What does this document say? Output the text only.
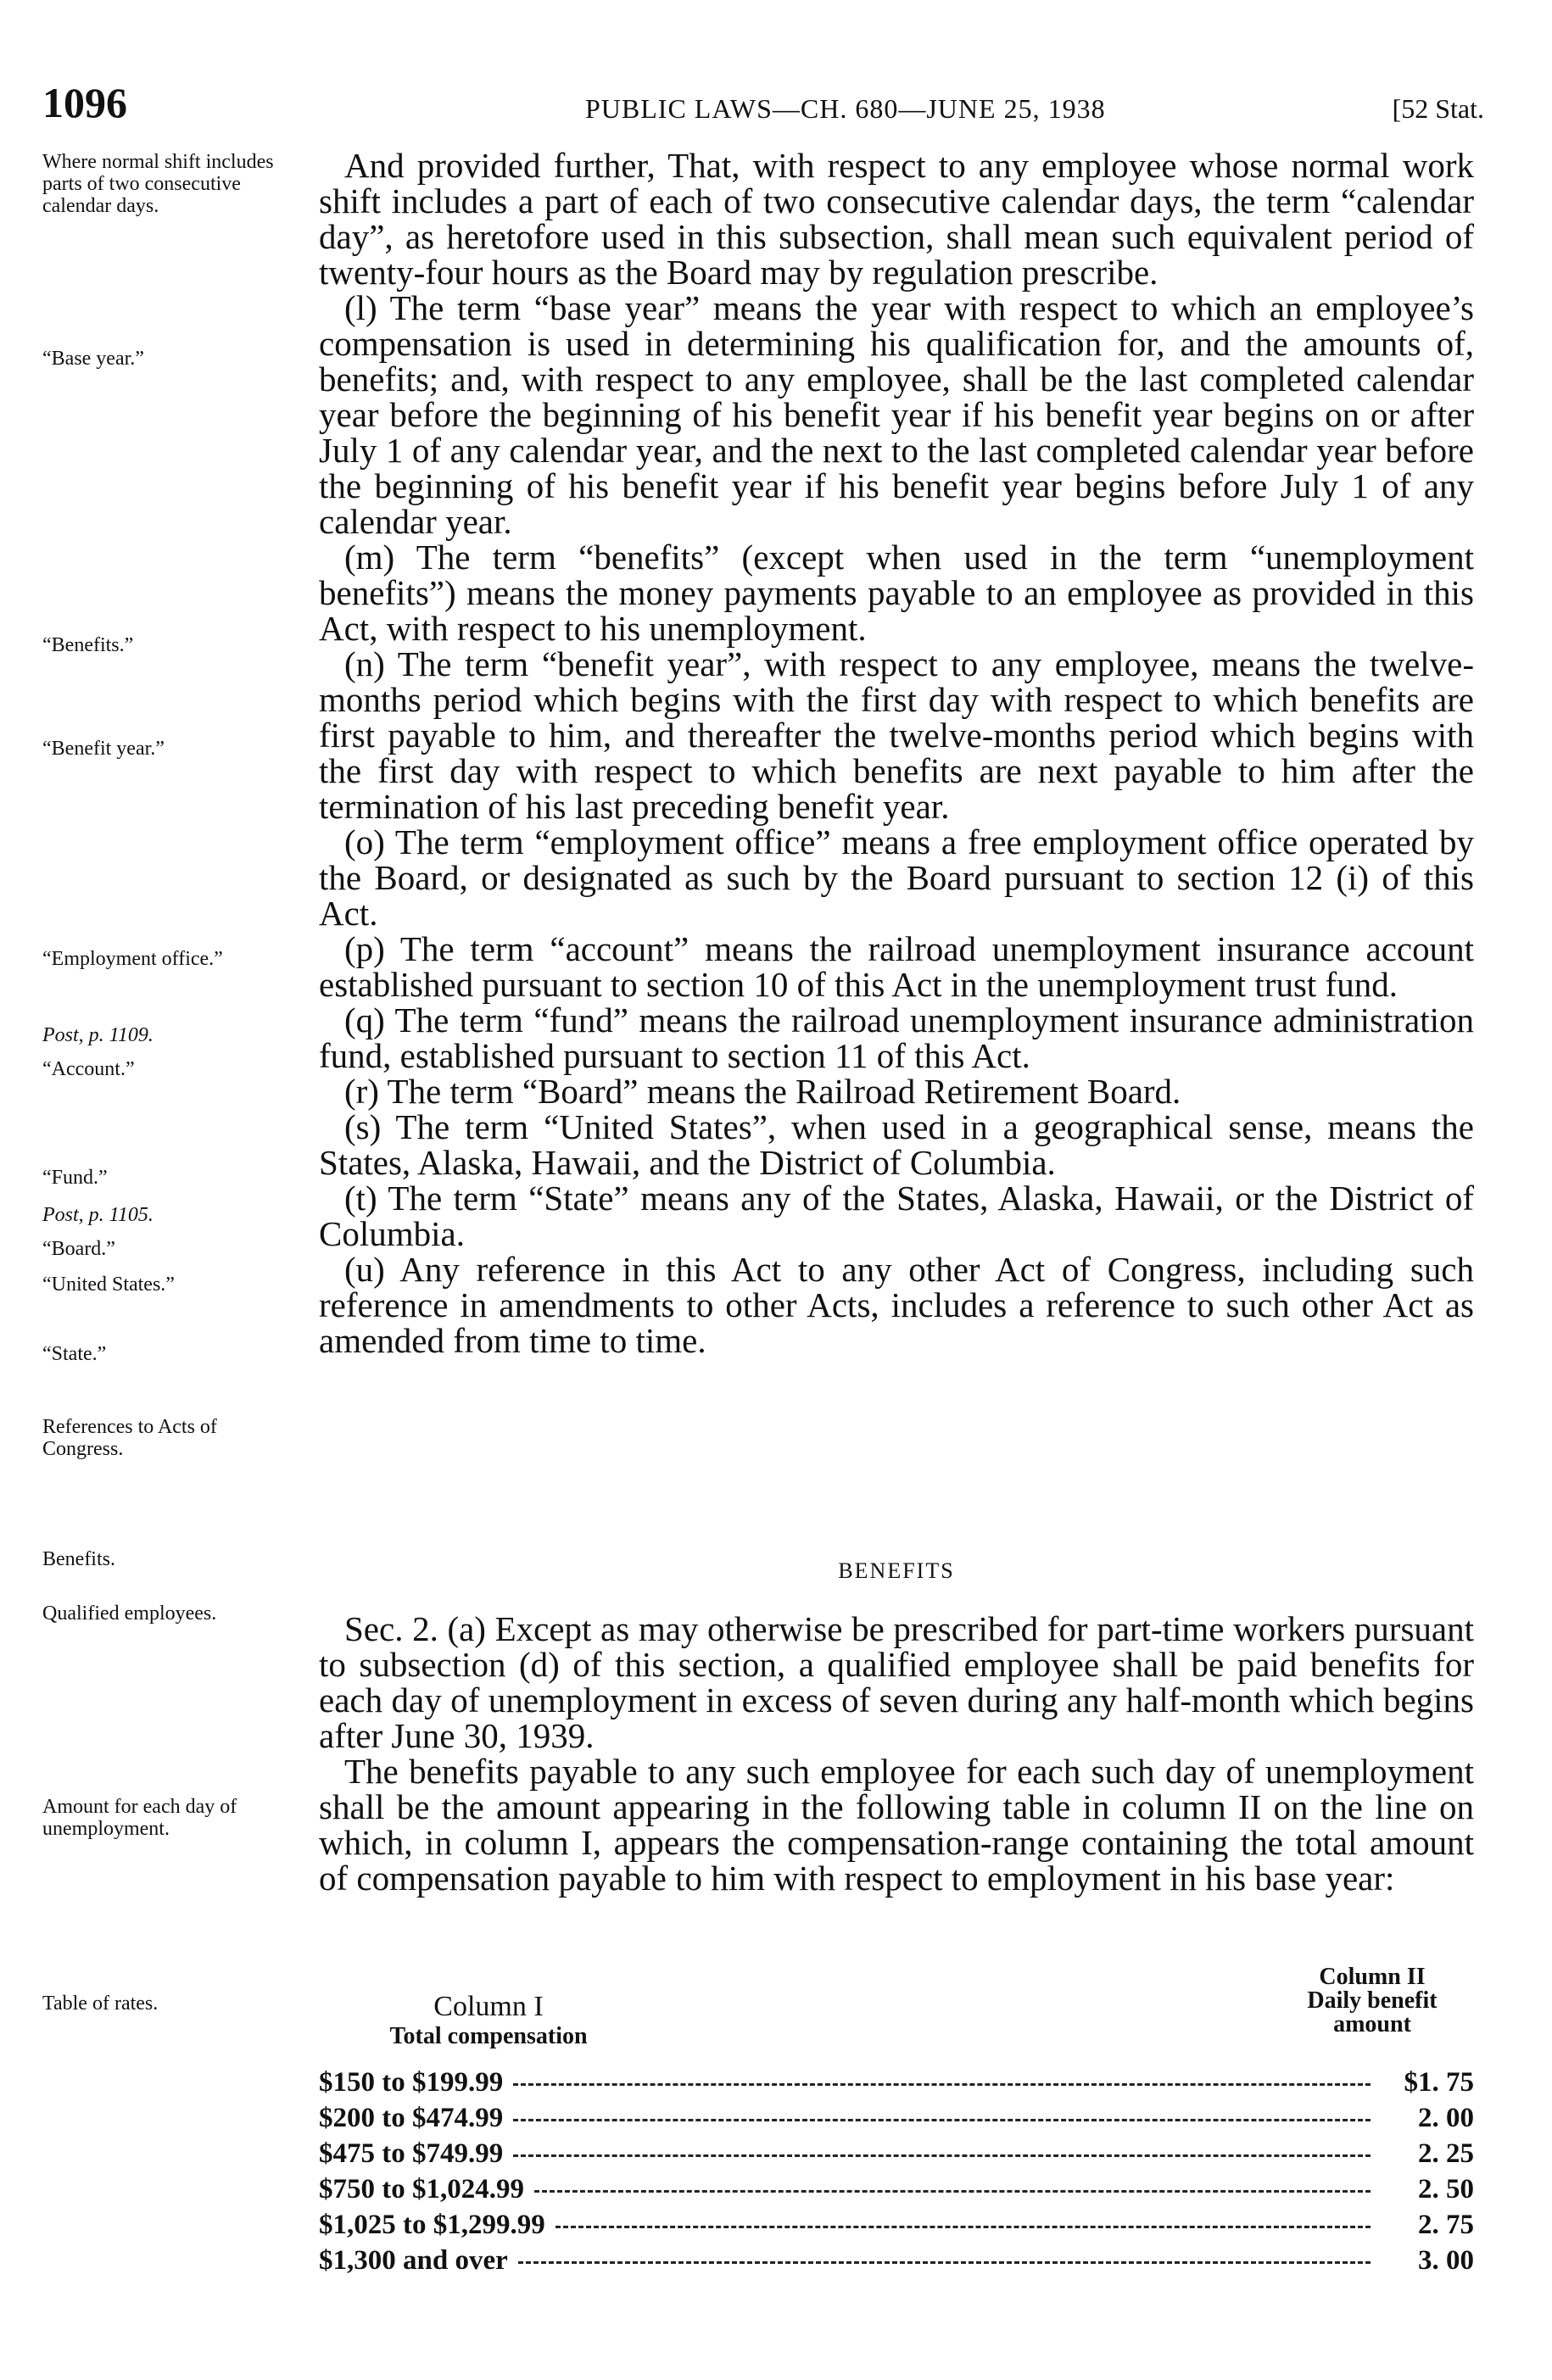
1096	PUBLIC LAWS—CH. 680—JUNE 25, 1938	[52 Stat.
Where normal shift includes parts of two consecutive calendar days.
“Base year.”
“Benefits.”
“Benefit year.”
“Employment office.”
Post, p. 1109.
“Account.”
“Fund.”
Post, p. 1105.
“Board.”
“United States.”
“State.”
References to Acts of Congress.
Benefits.
Qualified employees.
Amount for each day of unemployment.
Table of rates.

And provided further, That, with respect to any employee whose normal work shift includes a part of each of two consecutive calendar days, the term “calendar day”, as heretofore used in this subsection, shall mean such equivalent period of twenty-four hours as the Board may by regulation prescribe.

(l) The term “base year” means the year with respect to which an employee’s compensation is used in determining his qualification for, and the amounts of, benefits; and, with respect to any employee, shall be the last completed calendar year before the beginning of his benefit year if his benefit year begins on or after July 1 of any calendar year, and the next to the last completed calendar year before the beginning of his benefit year if his benefit year begins before July 1 of any calendar year.

(m) The term “benefits” (except when used in the term “unemployment benefits”) means the money payments payable to an employee as provided in this Act, with respect to his unemployment.

(n) The term “benefit year”, with respect to any employee, means the twelve-months period which begins with the first day with respect to which benefits are first payable to him, and thereafter the twelve-months period which begins with the first day with respect to which benefits are next payable to him after the termination of his last preceding benefit year.

(o) The term “employment office” means a free employment office operated by the Board, or designated as such by the Board pursuant to section 12 (i) of this Act.

(p) The term “account” means the railroad unemployment insurance account established pursuant to section 10 of this Act in the unemployment trust fund.

(q) The term “fund” means the railroad unemployment insurance administration fund, established pursuant to section 11 of this Act.

(r) The term “Board” means the Railroad Retirement Board.

(s) The term “United States”, when used in a geographical sense, means the States, Alaska, Hawaii, and the District of Columbia.

(t) The term “State” means any of the States, Alaska, Hawaii, or the District of Columbia.

(u) Any reference in this Act to any other Act of Congress, including such reference in amendments to other Acts, includes a reference to such other Act as amended from time to time.

BENEFITS

Sec. 2. (a) Except as may otherwise be prescribed for part-time workers pursuant to subsection (d) of this section, a qualified employee shall be paid benefits for each day of unemployment in excess of seven during any half-month which begins after June 30, 1939.

The benefits payable to any such employee for each such day of unemployment shall be the amount appearing in the following table in column II on the line on which, in column I, appears the compensation-range containing the total amount of compensation payable to him with respect to employment in his base year:

Column I
Total compensation
Column II
Daily benefit amount
$150 to $199.99	$1. 75
$200 to $474.99	2. 00
$475 to $749.99	2. 25
$750 to $1,024.99	2. 50
$1,025 to $1,299.99	2. 75
$1,300 and over	3. 00
